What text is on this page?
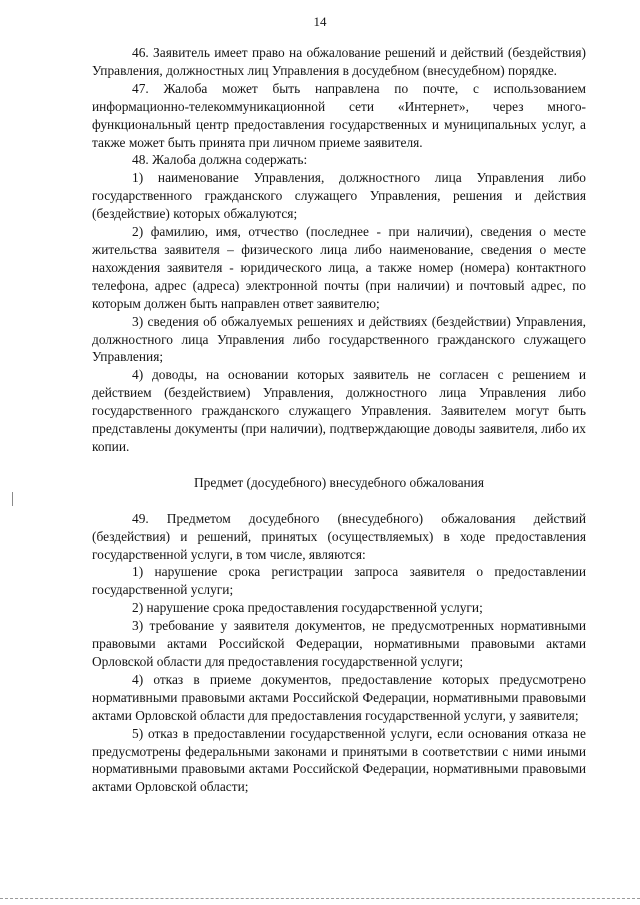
14

46. Заявитель имеет право на обжалование решений и действий (бездействия) Управления, должностных лиц Управления в досудебном (внесудебном) порядке.

47. Жалоба может быть направлена по почте, с использованием информационно-телекоммуникационной сети «Интернет», через много-функциональный центр предоставления государственных и муниципальных услуг, а также может быть принята при личном приеме заявителя.

48. Жалоба должна содержать:

1) наименование Управления, должностного лица Управления либо государственного гражданского служащего Управления, решения и действия (бездействие) которых обжалуются;

2) фамилию, имя, отчество (последнее - при наличии), сведения о месте жительства заявителя – физического лица либо наименование, сведения о месте нахождения заявителя - юридического лица, а также номер (номера) контактного телефона, адрес (адреса) электронной почты (при наличии) и почтовый адрес, по которым должен быть направлен ответ заявителю;

3) сведения об обжалуемых решениях и действиях (бездействии) Управления, должностного лица Управления либо государственного гражданского служащего Управления;

4) доводы, на основании которых заявитель не согласен с решением и действием (бездействием) Управления, должностного лица Управления либо государственного гражданского служащего Управления. Заявителем могут быть представлены документы (при наличии), подтверждающие доводы заявителя, либо их копии.

Предмет (досудебного) внесудебного обжалования

49. Предметом досудебного (внесудебного) обжалования действий (бездействия) и решений, принятых (осуществляемых) в ходе предоставления государственной услуги, в том числе, являются:

1) нарушение срока регистрации запроса заявителя о предоставлении государственной услуги;

2) нарушение срока предоставления государственной услуги;

3) требование у заявителя документов, не предусмотренных нормативными правовыми актами Российской Федерации, нормативными правовыми актами Орловской области для предоставления государственной услуги;

4) отказ в приеме документов, предоставление которых предусмотрено нормативными правовыми актами Российской Федерации, нормативными правовыми актами Орловской области для предоставления государственной услуги, у заявителя;

5) отказ в предоставлении государственной услуги, если основания отказа не предусмотрены федеральными законами и принятыми в соответствии с ними иными нормативными правовыми актами Российской Федерации, нормативными правовыми актами Орловской области;
